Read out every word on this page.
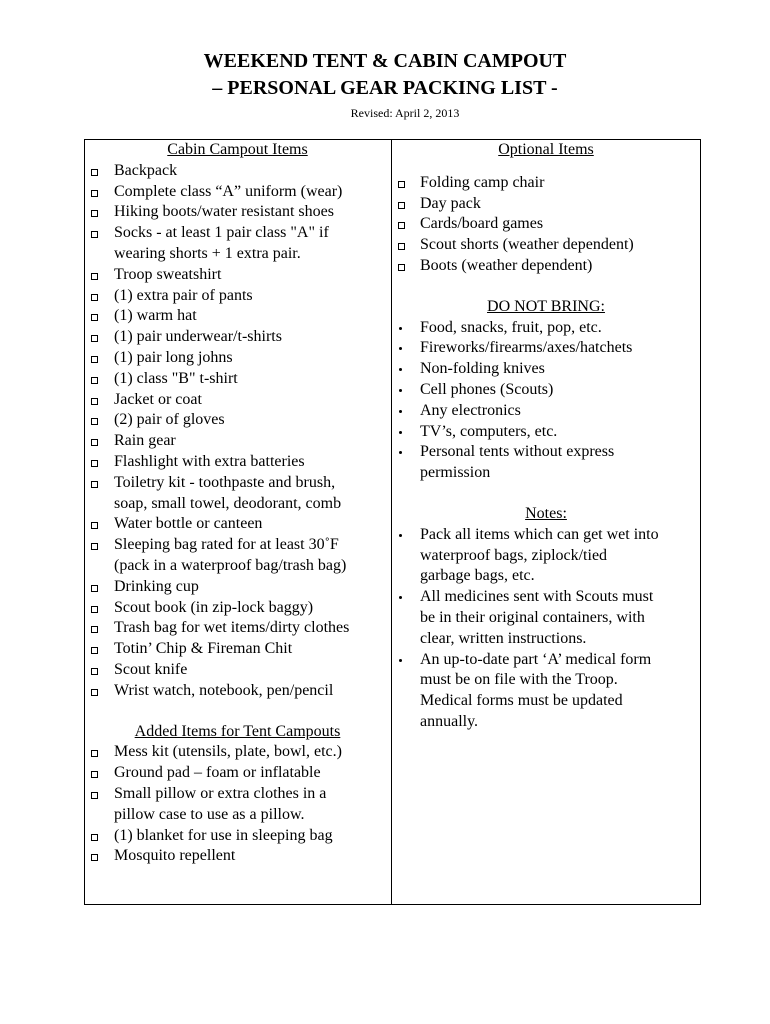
WEEKEND TENT & CABIN CAMPOUT
– PERSONAL GEAR PACKING LIST -
Revised: April 2, 2013
Cabin Campout Items
Backpack
Complete class “A” uniform (wear)
Hiking boots/water resistant shoes
Socks - at least 1 pair class "A" if
wearing shorts + 1 extra pair.
Troop sweatshirt
(1) extra pair of pants
(1) warm hat
(1) pair underwear/t-shirts
(1) pair long johns
(1) class "B" t-shirt
Jacket or coat
(2) pair of gloves
Rain gear
Flashlight with extra batteries
Toiletry kit - toothpaste and brush,
soap, small towel, deodorant, comb
Water bottle or canteen
Sleeping bag rated for at least 30˚F
(pack in a waterproof bag/trash bag)
Drinking cup
Scout book (in zip-lock baggy)
Trash bag for wet items/dirty clothes
Totin’ Chip & Fireman Chit
Scout knife
Wrist watch, notebook, pen/pencil
Added Items for Tent Campouts
Mess kit (utensils, plate, bowl, etc.)
Ground pad – foam or inflatable
Small pillow or extra clothes in a
pillow case to use as a pillow.
(1) blanket for use in sleeping bag
Mosquito repellent
Optional Items
Folding camp chair
Day pack
Cards/board games
Scout shorts (weather dependent)
Boots (weather dependent)
DO NOT BRING:
Food, snacks, fruit, pop, etc.
Fireworks/firearms/axes/hatchets
Non-folding knives
Cell phones (Scouts)
Any electronics
TV’s, computers, etc.
Personal tents without express
permission
Notes:
Pack all items which can get wet into
waterproof bags, ziplock/tied
garbage bags, etc.
All medicines sent with Scouts must
be in their original containers, with
clear, written instructions.
An up-to-date part ‘A’ medical form
must be on file with the Troop.
Medical forms must be updated
annually.
